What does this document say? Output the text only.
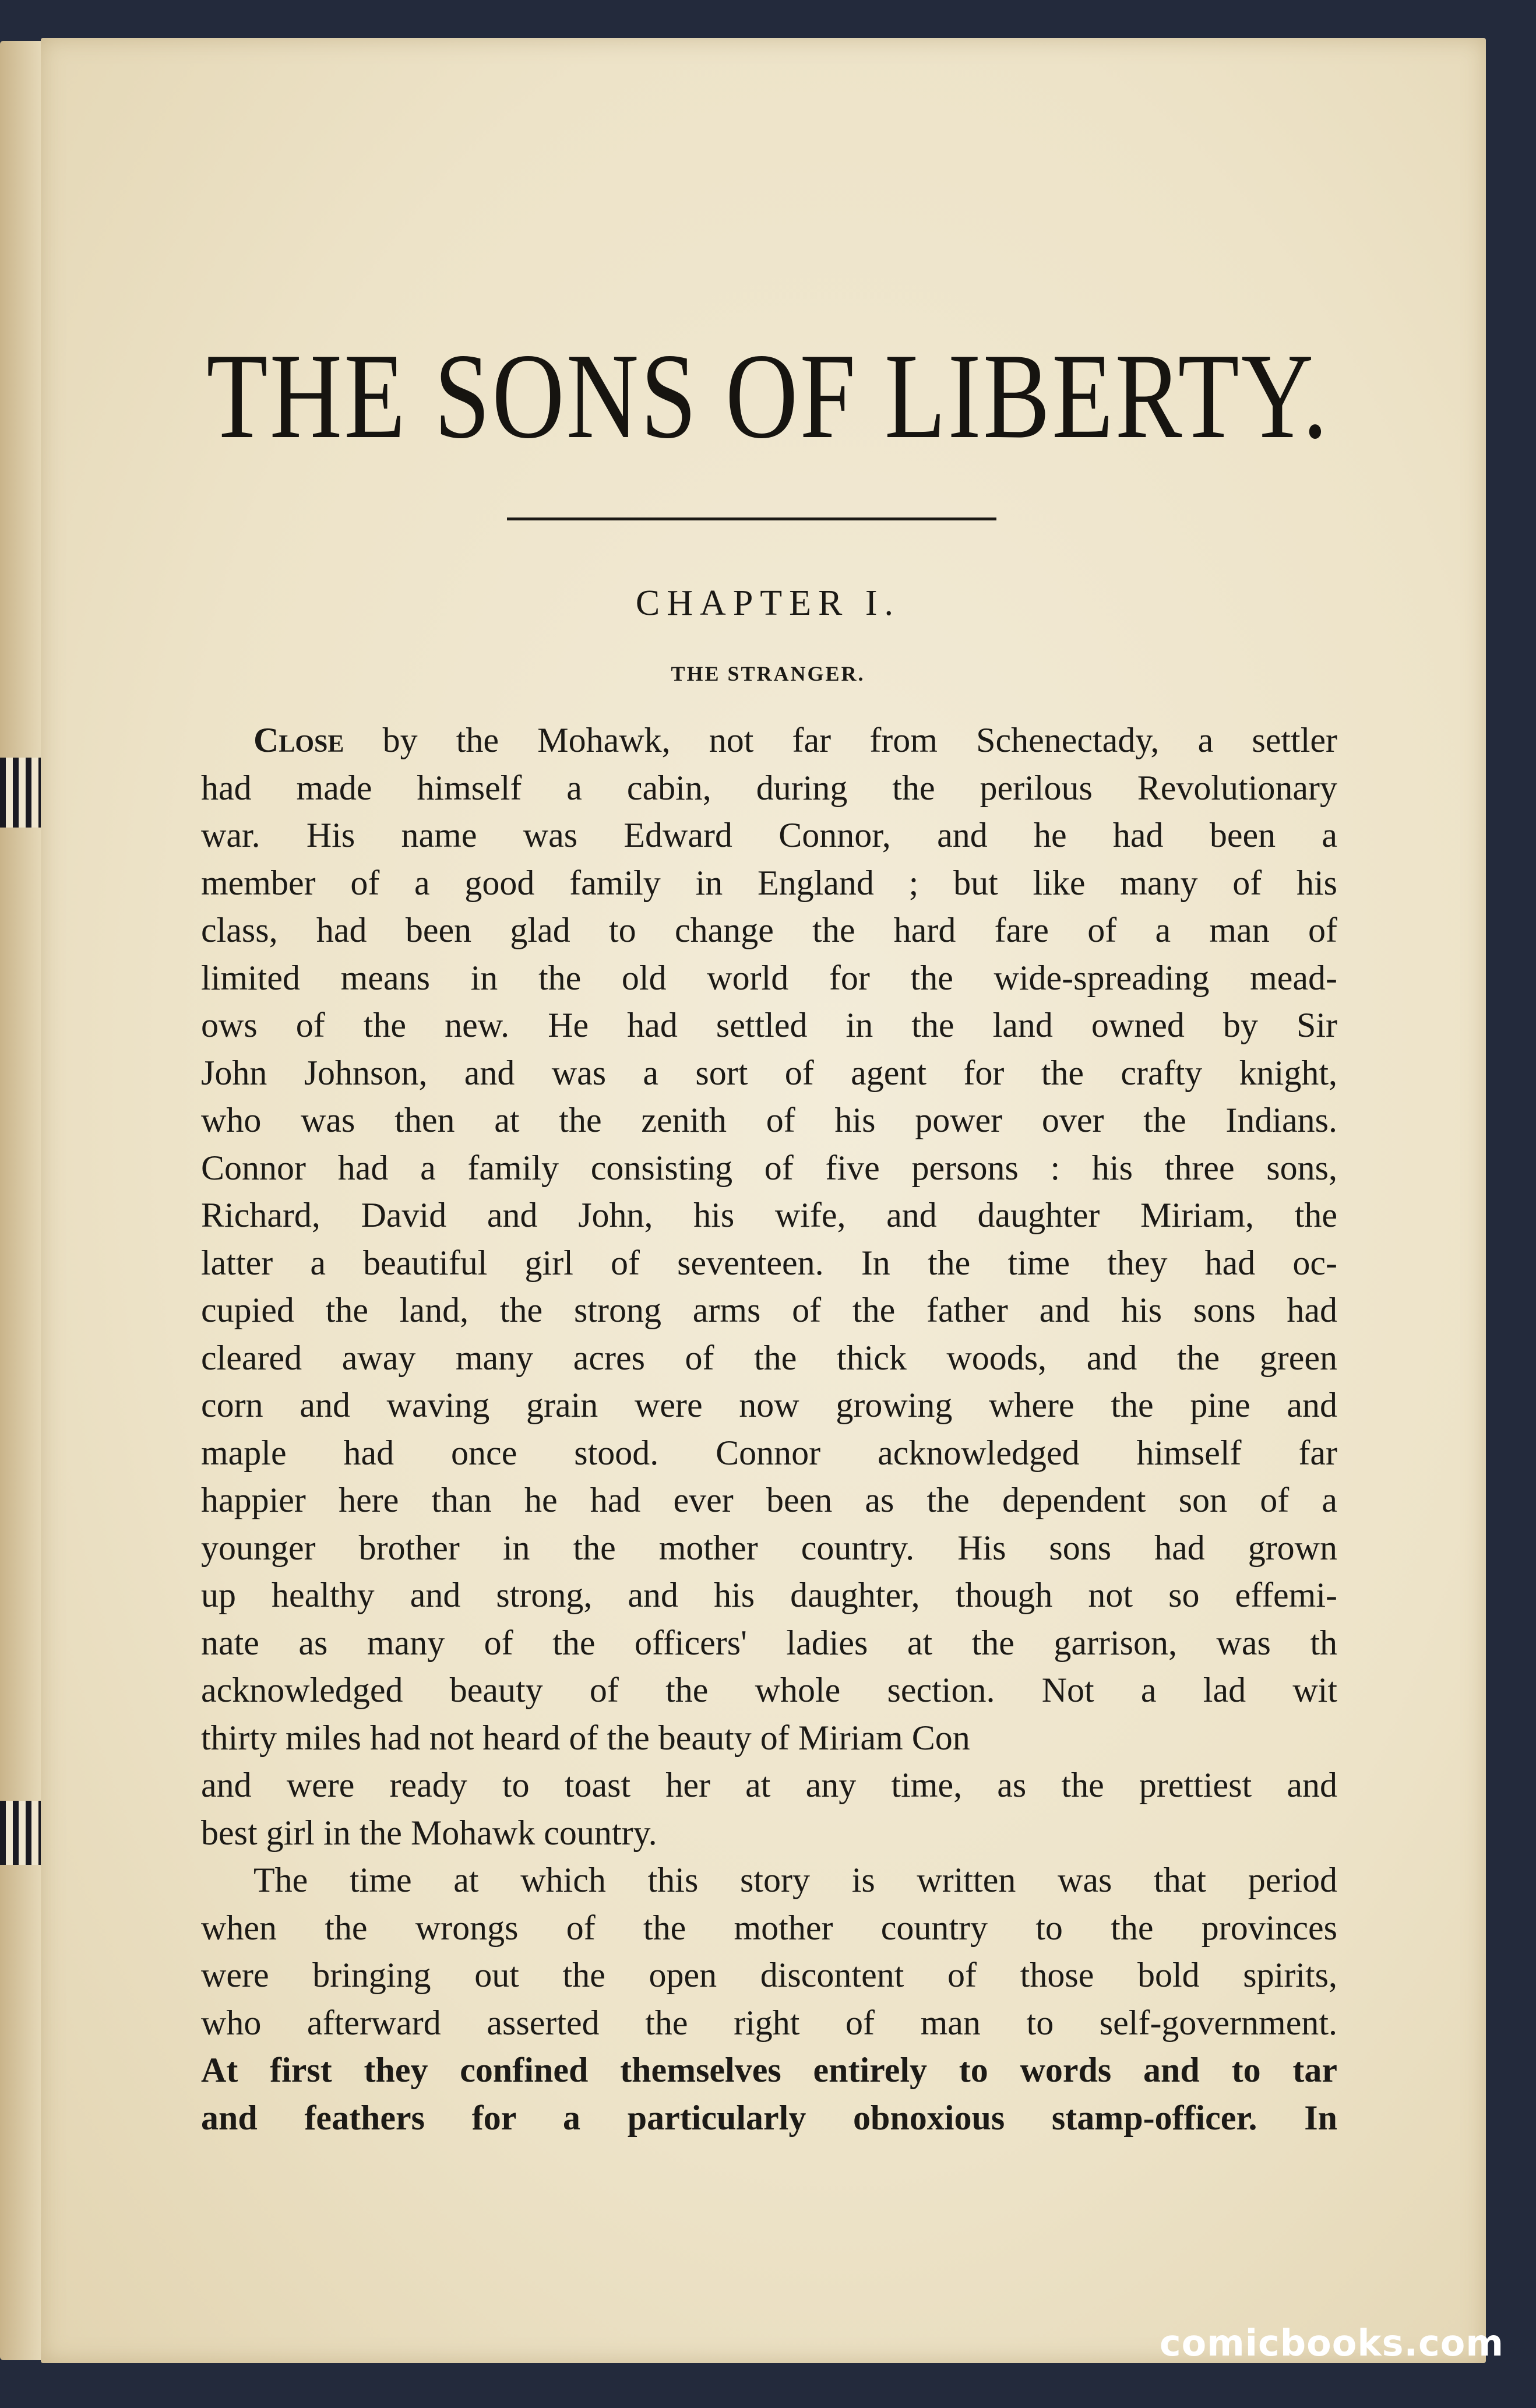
THE SONS OF LIBERTY.
CHAPTER I.
THE STRANGER.
Close by the Mohawk, not far from Schenectady, a settler
had made himself a cabin, during the perilous Revolutionary
war. His name was Edward Connor, and he had been a
member of a good family in England ; but like many of his
class, had been glad to change the hard fare of a man of
limited means in the old world for the wide-spreading mead-
ows of the new. He had settled in the land owned by Sir
John Johnson, and was a sort of agent for the crafty knight,
who was then at the zenith of his power over the Indians.
Connor had a family consisting of five persons : his three sons,
Richard, David and John, his wife, and daughter Miriam, the
latter a beautiful girl of seventeen. In the time they had oc-
cupied the land, the strong arms of the father and his sons had
cleared away many acres of the thick woods, and the green
corn and waving grain were now growing where the pine and
maple had once stood. Connor acknowledged himself far
happier here than he had ever been as the dependent son of a
younger brother in the mother country. His sons had grown
up healthy and strong, and his daughter, though not so effemi-
nate as many of the officers' ladies at the garrison, was th
acknowledged beauty of the whole section. Not a lad wit
thirty miles had not heard of the beauty of Miriam Con
and were ready to toast her at any time, as the prettiest and
best girl in the Mohawk country.
The time at which this story is written was that period
when the wrongs of the mother country to the provinces
were bringing out the open discontent of those bold spirits,
who afterward asserted the right of man to self-government.
At first they confined themselves entirely to words and to tar
and feathers for a particularly obnoxious stamp-officer. In
comicbooks.com
